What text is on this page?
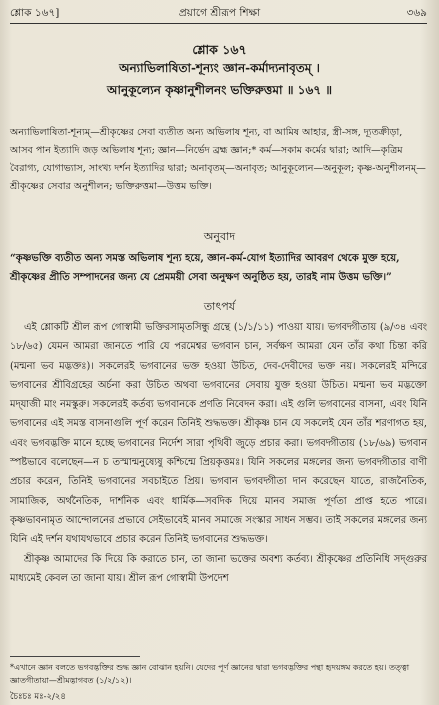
শ্লোক ১৬৭]	প্রয়াগে শ্রীরূপ শিক্ষা	৩৬৯
শ্লোক ১৬৭
অন্যাভিলাষিতা-শূন্যং জ্ঞান-কর্মাদ্যনাবৃতম্ ।
আনুকূল্যেন কৃষ্ণানুশীলনং ভক্তিরুত্তমা ॥ ১৬৭ ॥
অন্যাভিলাষিতা-শূন্যম্—শ্রীকৃষ্ণের সেবা ব্যতীত অন্য অভিলাষ শূন্য, বা আমিষ আহার, স্ত্রী-সঙ্গ, দ্যূতক্রীড়া, আসব পান ইত্যাদি জড় অভিলাষ শূন্য; জ্ঞান—নির্ভেদ ব্রহ্ম জ্ঞান;* কর্ম—সকাম কর্মের দ্বারা; আদি—কৃত্রিম বৈরাগ্য, যোগাভ্যাস, সাংখ্য দর্শন ইত্যাদির দ্বারা; অনাবৃতম্—অনাবৃত; আনুকূল্যেন—অনুকূল; কৃষ্ণ-অনুশীলনম্—শ্রীকৃষ্ণের সেবার অনুশীলন; ভক্তিরুত্তমা—উত্তম ভক্তি।
অনুবাদ
“কৃষ্ণভক্তি ব্যতীত অন্য সমস্ত অভিলাষ শূন্য হয়ে, জ্ঞান-কর্ম-যোগ ইত্যাদির আবরণ থেকে মুক্ত হয়ে, শ্রীকৃষ্ণের প্রীতি সম্পাদনের জন্য যে প্রেমময়ী সেবা অনুক্ষণ অনুষ্ঠিত হয়, তারই নাম উত্তম ভক্তি।”
তাৎপর্য

এই শ্লোকটি শ্রীল রূপ গোস্বামী ভক্তিরসামৃতসিন্ধু গ্রন্থে (১/১/১১) পাওয়া যায়। ভগবদ্গীতায় (৯/৩৪ এবং ১৮/৬৫) যেমন আমরা জানতে পারি যে পরমেশ্বর ভগবান চান, সর্বক্ষণ আমরা যেন তাঁর কথা চিন্তা করি (মন্মনা ভব মদ্ভক্তঃ)। সকলেরই ভগবানের ভক্ত হওয়া উচিত, দেব-দেবীদের ভক্ত নয়। সকলেরই মন্দিরে ভগবানের শ্রীবিগ্রহের অর্চনা করা উচিত অথবা ভগবানের সেবায় যুক্ত হওয়া উচিত। মন্মনা ভব মদ্ভক্তো মদ্‌যাজী মাং নমস্কুরু। সকলেরই কর্তব্য ভগবানকে প্রণতি নিবেদন করা। এই গুলি ভগবানের বাসনা, এবং যিনি ভগবানের এই সমস্ত বাসনাগুলি পূর্ণ করেন তিনিই শুদ্ধভক্ত। শ্রীকৃষ্ণ চান যে সকলেই যেন তাঁর শরণাগত হয়, এবং ভগবদ্ভক্তি মানে হচ্ছে ভগবানের নির্দেশ সারা পৃথিবী জুড়ে প্রচার করা। ভগবদ্গীতায় (১৮/৬৯) ভগবান স্পষ্টভাবে বলেছেন—ন চ তস্মান্মনুষ্যেষু কশ্চিন্মে প্রিয়কৃত্তমঃ। যিনি সকলের মঙ্গলের জন্য ভগবদ্গীতার বাণী প্রচার করেন, তিনিই ভগবানের সবচাইতে প্রিয়। ভগবান ভগবদ্গীতা দান করেছেন যাতে, রাজনৈতিক, সামাজিক, অর্থনৈতিক, দার্শনিক এবং ধার্মিক—সবদিক দিয়ে মানব সমাজ পূর্ণতা প্রাপ্ত হতে পারে। কৃষ্ণভাবনামৃত আন্দোলনের প্রভাবে সেইভাবেই মানব সমাজে সংস্কার সাধন সম্ভব। তাই সকলের মঙ্গলের জন্য যিনি এই দর্শন যথাযথভাবে প্রচার করেন তিনিই ভগবানের শুদ্ধভক্ত।

শ্রীকৃষ্ণ আমাদের কি দিয়ে কি করাতে চান, তা জানা ভক্তের অবশ্য কর্তব্য। শ্রীকৃষ্ণের প্রতিনিধি সদ্গুরুর মাধ্যমেই কেবল তা জানা যায়। শ্রীল রূপ গোস্বামী উপদেশ

*এখানে জ্ঞান বলতে ভগবদ্ভক্তির শুদ্ধ জ্ঞান বোঝান হয়নি। যেদের পূর্ণ জ্ঞানের দ্বারা ভগবদ্ভক্তির পন্থা হৃদয়ঙ্গম করতে হয়। তত্ত্বা জ্ঞাতগীতায়া—শ্রীমদ্ভাগবত (১/২/১২)।
চৈঃচঃ মঃ-২/২৪
